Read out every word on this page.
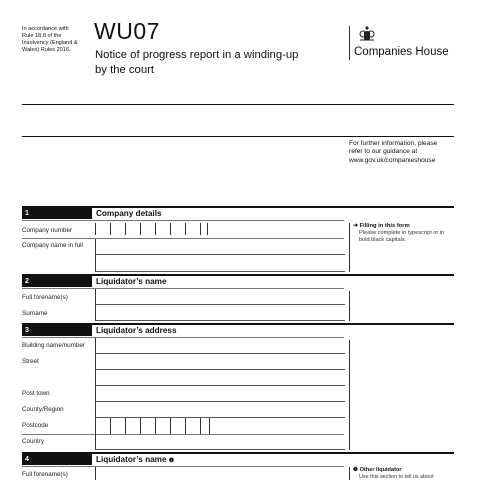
In accordance with
Rule 18.8 of the
Insolvency (England &
Wales) Rules 2016.
WU07
Notice of progress report in a winding-up
by the court
Companies House
For further information, please
refer to our guidance at
www.gov.uk/companieshouse
1	Company details
Company number
Company name in full
➜ Filling in this form
Please complete in typescript or in
bold black capitals.
2	Liquidator’s name
Full forename(s)
Surname
3	Liquidator’s address
Building name/number
Street
Post town
County/Region
Postcode
Country
4	Liquidator’s name ❶
Full forename(s)
❶ Other liquidator
Use this section to tell us about
